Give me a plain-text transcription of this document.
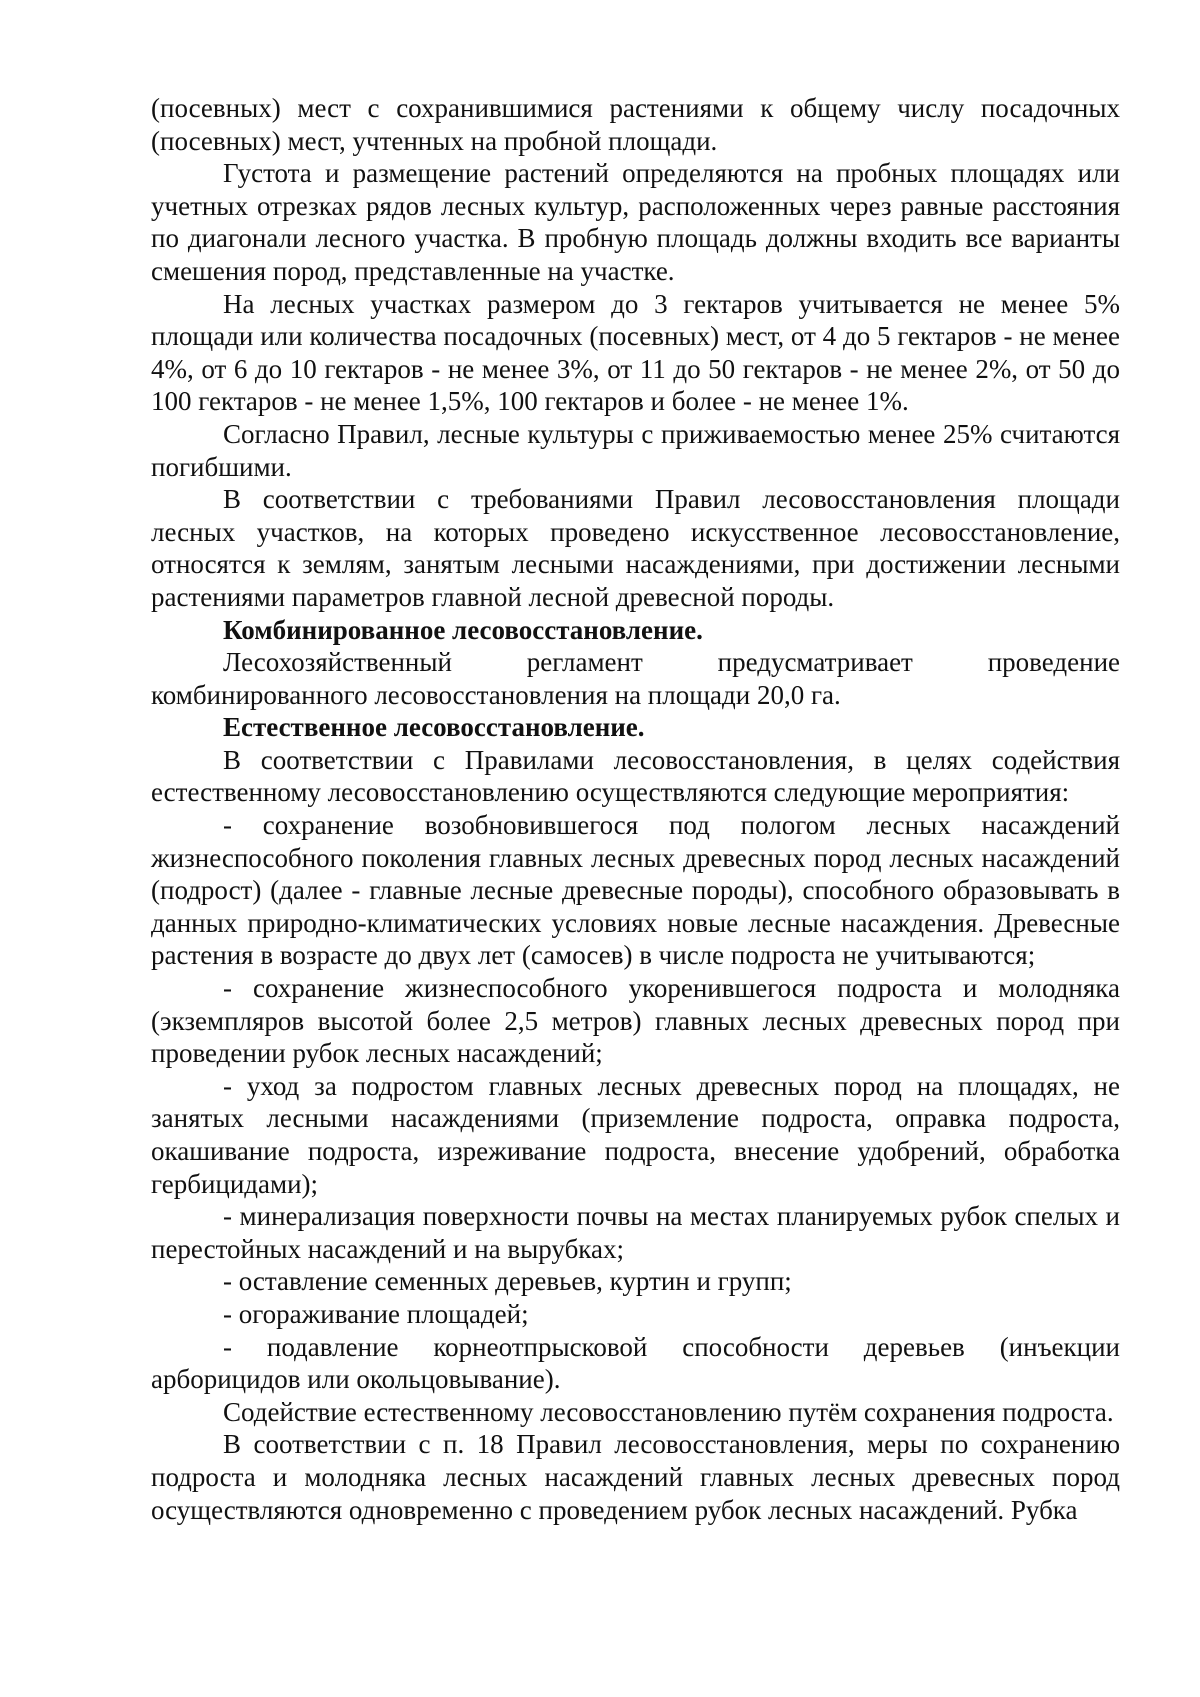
(посевных) мест с сохранившимися растениями к общему числу посадочных (посевных) мест, учтенных на пробной площади.

Густота и размещение растений определяются на пробных площадях или учетных отрезках рядов лесных культур, расположенных через равные расстояния по диагонали лесного участка. В пробную площадь должны входить все варианты смешения пород, представленные на участке.

На лесных участках размером до 3 гектаров учитывается не менее 5% площади или количества посадочных (посевных) мест, от 4 до 5 гектаров - не менее 4%, от 6 до 10 гектаров - не менее 3%, от 11 до 50 гектаров - не менее 2%, от 50 до 100 гектаров - не менее 1,5%, 100 гектаров и более - не менее 1%.

Согласно Правил, лесные культуры с приживаемостью менее 25% считаются погибшими.

В соответствии с требованиями Правил лесовосстановления площади лесных участков, на которых проведено искусственное лесовосстановление, относятся к землям, занятым лесными насаждениями, при достижении лесными растениями параметров главной лесной древесной породы.

Комбинированное лесовосстановление.

Лесохозяйственный регламент предусматривает проведение комбинированного лесовосстановления на площади 20,0 га.

Естественное лесовосстановление.

В соответствии с Правилами лесовосстановления, в целях содействия естественному лесовосстановлению осуществляются следующие мероприятия:

- сохранение возобновившегося под пологом лесных насаждений жизнеспособного поколения главных лесных древесных пород лесных насаждений (подрост) (далее - главные лесные древесные породы), способного образовывать в данных природно-климатических условиях новые лесные насаждения. Древесные растения в возрасте до двух лет (самосев) в числе подроста не учитываются;

- сохранение жизнеспособного укоренившегося подроста и молодняка (экземпляров высотой более 2,5 метров) главных лесных древесных пород при проведении рубок лесных насаждений;

- уход за подростом главных лесных древесных пород на площадях, не занятых лесными насаждениями (приземление подроста, оправка подроста, окашивание подроста, изреживание подроста, внесение удобрений, обработка гербицидами);

- минерализация поверхности почвы на местах планируемых рубок спелых и перестойных насаждений и на вырубках;

- оставление семенных деревьев, куртин и групп;

- огораживание площадей;

- подавление корнеотпрысковой способности деревьев (инъекции арборицидов или окольцовывание).

Содействие естественному лесовосстановлению путём сохранения подроста.

В соответствии с п. 18 Правил лесовосстановления, меры по сохранению подроста и молодняка лесных насаждений главных лесных древесных пород осуществляются одновременно с проведением рубок лесных насаждений. Рубка
